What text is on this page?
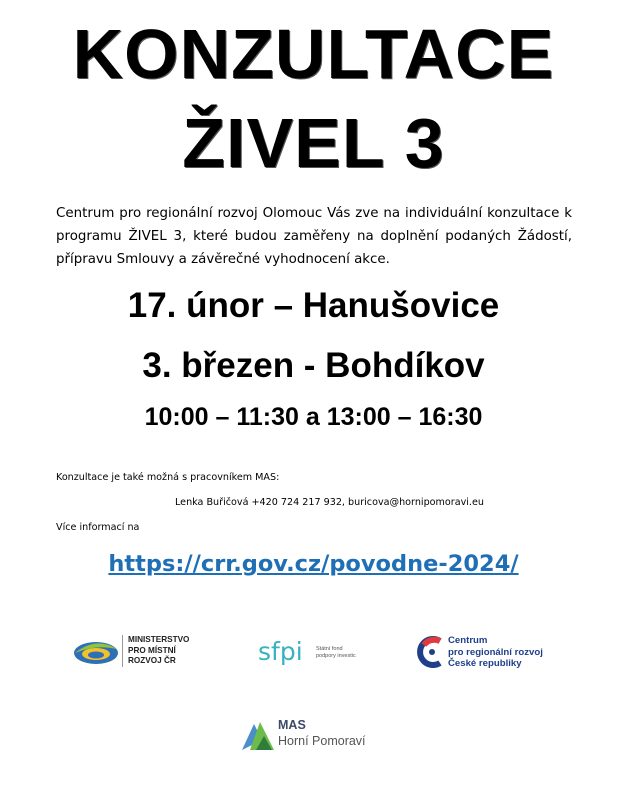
KONZULTACE
ŽIVEL 3
Centrum pro regionální rozvoj Olomouc Vás zve na individuální konzultace k programu ŽIVEL 3, které budou zaměřeny na doplnění podaných Žádostí, přípravu Smlouvy a závěrečné vyhodnocení akce.
17. únor – Hanušovice
3. březen - Bohdíkov
10:00 – 11:30 a 13:00 – 16:30
Konzultace je také možná s pracovníkem MAS:
Lenka Buřičová +420 724 217 932, buricova@hornipomoravi.eu
Více informací na
https://crr.gov.cz/povodne-2024/
MINISTERSTVO
PRO MÍSTNÍ
ROZVOJ ČR	sfpi Státní fond
podpory investic
Centrum
pro regionální rozvoj
České republiky
MAS
Horní Pomoraví
